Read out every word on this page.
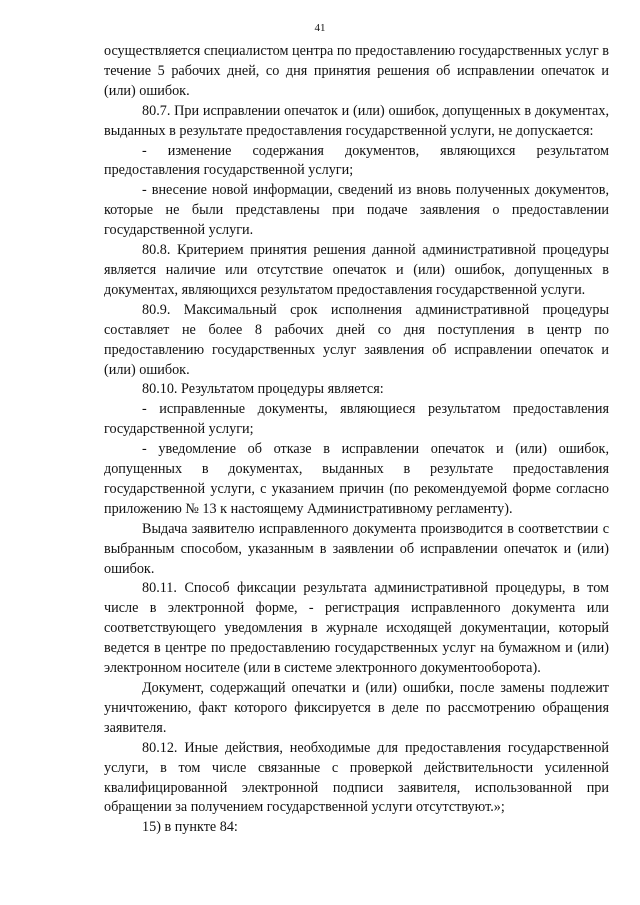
41

осуществляется специалистом центра по предоставлению государственных услуг в течение 5 рабочих дней, со дня принятия решения об исправлении опечаток и (или) ошибок.

80.7. При исправлении опечаток и (или) ошибок, допущенных в документах, выданных в результате предоставления государственной услуги, не допускается:

- изменение содержания документов, являющихся результатом предоставления государственной услуги;

- внесение новой информации, сведений из вновь полученных документов, которые не были представлены при подаче заявления о предоставлении государственной услуги.

80.8. Критерием принятия решения данной административной процедуры является наличие или отсутствие опечаток и (или) ошибок, допущенных в документах, являющихся результатом предоставления государственной услуги.

80.9. Максимальный срок исполнения административной процедуры составляет не более 8 рабочих дней со дня поступления в центр по предоставлению государственных услуг заявления об исправлении опечаток и (или) ошибок.

80.10. Результатом процедуры является:

- исправленные документы, являющиеся результатом предоставления государственной услуги;

- уведомление об отказе в исправлении опечаток и (или) ошибок, допущенных в документах, выданных в результате предоставления государственной услуги, с указанием причин (по рекомендуемой форме согласно приложению № 13 к настоящему Административному регламенту).

Выдача заявителю исправленного документа производится в соответствии с выбранным способом, указанным в заявлении об исправлении опечаток и (или) ошибок.

80.11. Способ фиксации результата административной процедуры, в том числе в электронной форме, - регистрация исправленного документа или соответствующего уведомления в журнале исходящей документации, который ведется в центре по предоставлению государственных услуг на бумажном и (или) электронном носителе (или в системе электронного документооборота).

Документ, содержащий опечатки и (или) ошибки, после замены подлежит уничтожению, факт которого фиксируется в деле по рассмотрению обращения заявителя.

80.12. Иные действия, необходимые для предоставления государственной услуги, в том числе связанные с проверкой действительности усиленной квалифицированной электронной подписи заявителя, использованной при обращении за получением государственной услуги отсутствуют.»;

15) в пункте 84:
